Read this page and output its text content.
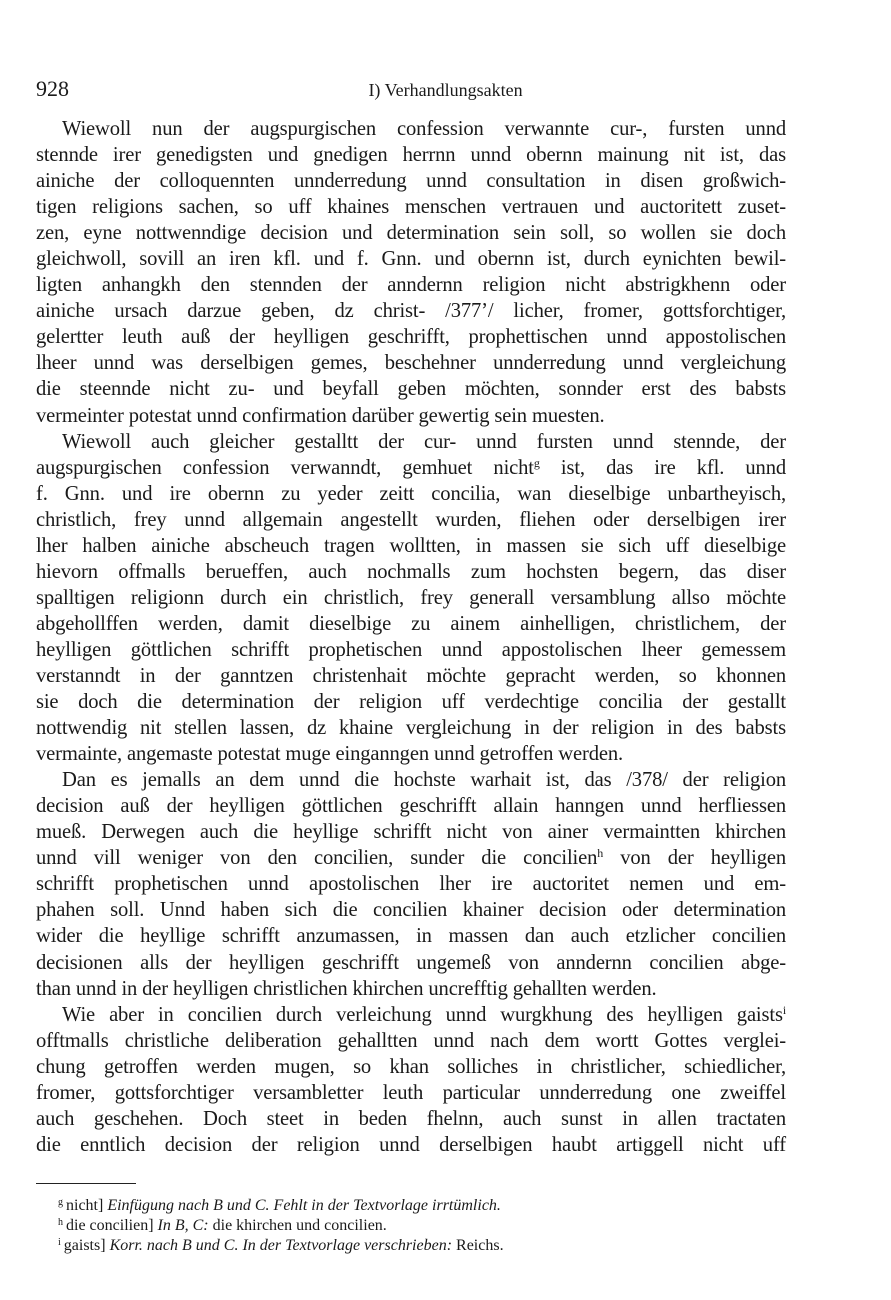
928	I) Verhandlungsakten
Wiewoll nun der augspurgischen confession verwannte cur-, fursten unnd
stennde irer genedigsten und gnedigen herrnn unnd obernn mainung nit ist, das
ainiche der colloquennten unnderredung unnd consultation in disen großwich-
tigen religions sachen, so uff khaines menschen vertrauen und auctoritett zuset-
zen, eyne nottwenndige decision und determination sein soll, so wollen sie doch
gleichwoll, sovill an iren kfl. und f. Gnn. und obernn ist, durch eynichten bewil-
ligten anhangkh den stennden der anndernn religion nicht abstrigkhenn oder
ainiche ursach darzue geben, dz christ- /377’/ licher, fromer, gottsforchtiger,
gelertter leuth auß der heylligen geschrifft, prophettischen unnd appostolischen
lheer unnd was derselbigen gemes, beschehner unnderredung unnd vergleichung
die steennde nicht zu- und beyfall geben möchten, sonnder erst des babsts
vermeinter potestat unnd confirmation darüber gewertig sein muesten.
Wiewoll auch gleicher gestalltt der cur- unnd fursten unnd stennde, der
augspurgischen confession verwanndt, gemhuet nicht$^g$ ist, das ire kfl. unnd
f. Gnn. und ire obernn zu yeder zeitt concilia, wan dieselbige unbartheyisch,
christlich, frey unnd allgemain angestellt wurden, fliehen oder derselbigen irer
lher halben ainiche abscheuch tragen wolltten, in massen sie sich uff dieselbige
hievorn offmalls berueffen, auch nochmalls zum hochsten begern, das diser
spalltigen religionn durch ein christlich, frey generall versamblung allso möchte
abgehollffen werden, damit dieselbige zu ainem ainhelligen, christlichem, der
heylligen göttlichen schrifft prophetischen unnd appostolischen lheer gemessem
verstanndt in der ganntzen christenhait möchte gepracht werden, so khonnen
sie doch die determination der religion uff verdechtige concilia der gestallt
nottwendig nit stellen lassen, dz khaine vergleichung in der religion in des babsts
vermainte, angemaste potestat muge einganngen unnd getroffen werden.
Dan es jemalls an dem unnd die hochste warhait ist, das /378/ der religion
decision auß der heylligen göttlichen geschrifft allain hanngen unnd herfliessen
mueß. Derwegen auch die heyllige schrifft nicht von ainer vermaintten khirchen
unnd vill weniger von den concilien, sunder die concilien$^h$ von der heylligen
schrifft prophetischen unnd apostolischen lher ire auctoritet nemen und em-
phahen soll. Unnd haben sich die concilien khainer decision oder determination
wider die heyllige schrifft anzumassen, in massen dan auch etzlicher concilien
decisionen alls der heylligen geschrifft ungemeß von anndernn concilien abge-
than unnd in der heylligen christlichen khirchen uncrefftig gehallten werden.
Wie aber in concilien durch verleichung unnd wurgkhung des heylligen gaists$^i$
offtmalls christliche deliberation gehalltten unnd nach dem wortt Gottes verglei-
chung getroffen werden mugen, so khan solliches in christlicher, schiedlicher,
fromer, gottsforchtiger versambletter leuth particular unnderredung one zweiffel
auch geschehen. Doch steet in beden fhelnn, auch sunst in allen tractaten
die enntlich decision der religion unnd derselbigen haubt artiggell nicht uff
$^g$ nicht] Einfügung nach B und C. Fehlt in der Textvorlage irrtümlich.
$^h$ die concilien] In B, C: die khirchen und concilien.
$^i$ gaists] Korr. nach B und C. In der Textvorlage verschrieben: Reichs.
